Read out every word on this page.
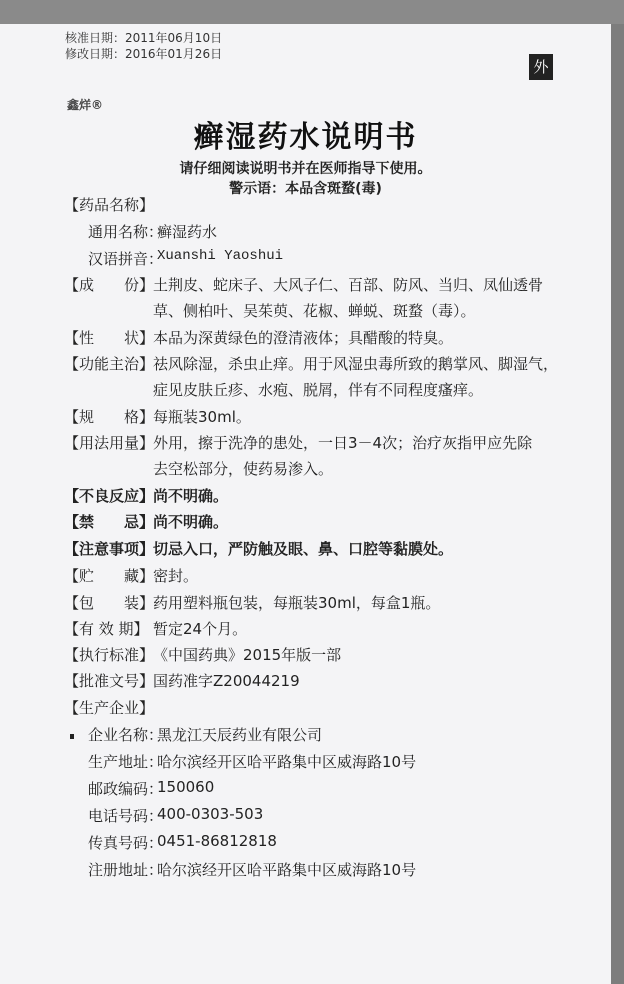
核准日期：2011年06月10日
修改日期：2016年01月26日
外
鑫烊®
癣湿药水说明书
请仔细阅读说明书并在医师指导下使用。
警示语：本品含斑蝥(毒)
【药品名称】
通用名称：
癣湿药水
汉语拼音：
Xuanshi Yaoshui
【成　　份】
土荆皮、蛇床子、大风子仁、百部、防风、当归、凤仙透骨
草、侧柏叶、吴茱萸、花椒、蝉蜕、斑蝥（毒）。
【性　　状】
本品为深黄绿色的澄清液体；具醋酸的特臭。
【功能主治】
祛风除湿，杀虫止痒。用于风湿虫毒所致的鹅掌风、脚湿气，
症见皮肤丘疹、水疱、脱屑，伴有不同程度瘙痒。
【规　　格】
每瓶装30ml。
【用法用量】
外用，擦于洗净的患处，一日3－4次；治疗灰指甲应先除
去空松部分，使药易渗入。
【不良反应】
尚不明确。
【禁　　忌】
尚不明确。
【注意事项】
切忌入口，严防触及眼、鼻、口腔等黏膜处。
【贮　　藏】
密封。
【包　　装】
药用塑料瓶包装，每瓶装30ml，每盒1瓶。
【有 效 期】 暂定24个月。
【执行标准】
《中国药典》2015年版一部
【批准文号】
国药准字Z20044219
【生产企业】
企业名称：
黑龙江天辰药业有限公司
生产地址：
哈尔滨经开区哈平路集中区威海路10号
邮政编码：
150060
电话号码：
400-0303-503
传真号码：
0451-86812818
注册地址：
哈尔滨经开区哈平路集中区威海路10号
